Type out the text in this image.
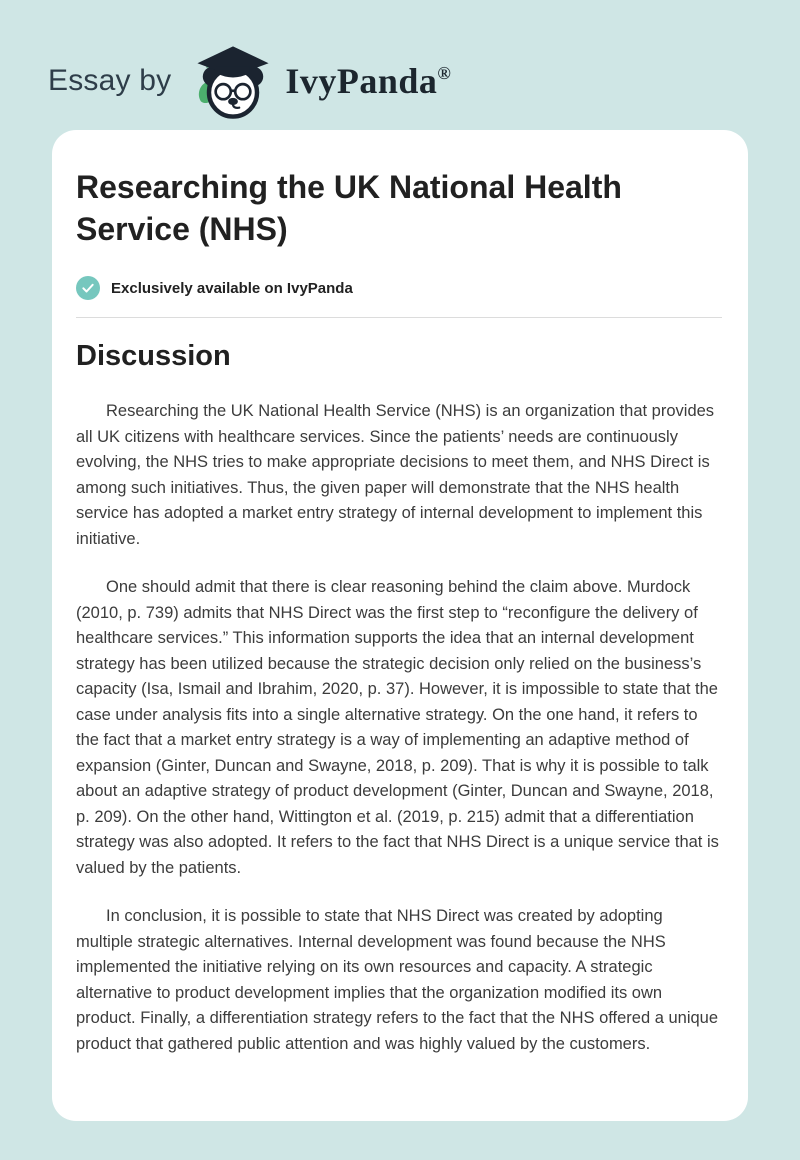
Essay by	IvyPanda®
Researching the UK National Health Service (NHS)
Exclusively available on IvyPanda
Discussion

Researching the UK National Health Service (NHS) is an organization that provides all UK citizens with healthcare services. Since the patients’ needs are continuously evolving, the NHS tries to make appropriate decisions to meet them, and NHS Direct is among such initiatives. Thus, the given paper will demonstrate that the NHS health service has adopted a market entry strategy of internal development to implement this initiative.

One should admit that there is clear reasoning behind the claim above. Murdock (2010, p. 739) admits that NHS Direct was the first step to “reconfigure the delivery of healthcare services.” This information supports the idea that an internal development strategy has been utilized because the strategic decision only relied on the business’s capacity (Isa, Ismail and Ibrahim, 2020, p. 37). However, it is impossible to state that the case under analysis fits into a single alternative strategy. On the one hand, it refers to the fact that a market entry strategy is a way of implementing an adaptive method of expansion (Ginter, Duncan and Swayne, 2018, p. 209). That is why it is possible to talk about an adaptive strategy of product development (Ginter, Duncan and Swayne, 2018, p. 209). On the other hand, Wittington et al. (2019, p. 215) admit that a differentiation strategy was also adopted. It refers to the fact that NHS Direct is a unique service that is valued by the patients.

In conclusion, it is possible to state that NHS Direct was created by adopting multiple strategic alternatives. Internal development was found because the NHS implemented the initiative relying on its own resources and capacity. A strategic alternative to product development implies that the organization modified its own product. Finally, a differentiation strategy refers to the fact that the NHS offered a unique product that gathered public attention and was highly valued by the customers.
